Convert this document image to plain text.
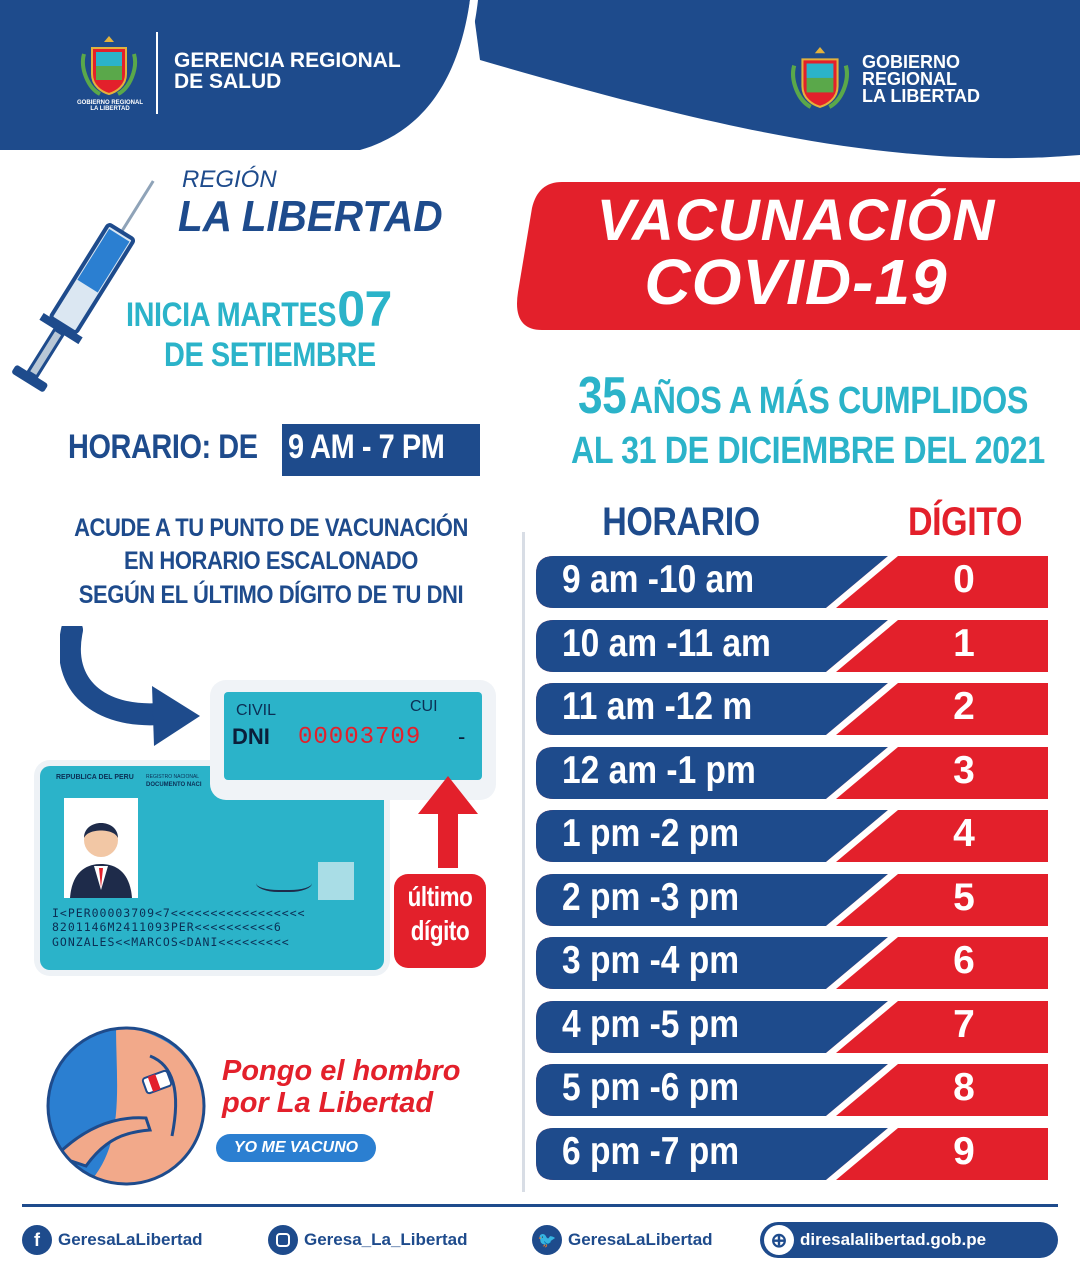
GOBIERNO REGIONAL
LA LIBERTAD
GERENCIA REGIONAL
DE SALUD
GOBIERNO
REGIONAL
LA LIBERTAD
REGIÓN
LA LIBERTAD
INICIA MARTES07
DE SETIEMBRE
HORARIO: DE 9 AM - 7 PM
ACUDE A TU PUNTO DE VACUNACIÓN
EN HORARIO ESCALONADO
SEGÚN EL ÚLTIMO DÍGITO DE TU DNI
REPUBLICA DEL PERU REGISTRO NACIONAL
DOCUMENTO NACI
I<PER00003709<7<<<<<<<<<<<<<<<<<
8201146M2411093PER<<<<<<<<<<6
GONZALES<<MARCOS<DANI<<<<<<<<<
CIVIL	CUI
DNI 00003709 -
último
dígito
Pongo el hombro
por La Libertad
YO ME VACUNO
VACUNACIÓN
COVID-19
35 AÑOS A MÁS CUMPLIDOS
AL 31 DE DICIEMBRE DEL 2021
HORARIO	DÍGITO
9 am -10 am	0
10 am -11 am	1
11 am -12 m	2
12 am -1 pm	3
1 pm -2 pm	4
2 pm -3 pm	5
3 pm -4 pm	6
4 pm -5 pm	7
5 pm -6 pm	8
6 pm -7 pm	9
f	GeresaLaLibertad	Geresa_La_Libertad	🐦 GeresaLaLibertad	⊕ diresalalibertad.gob.pe
